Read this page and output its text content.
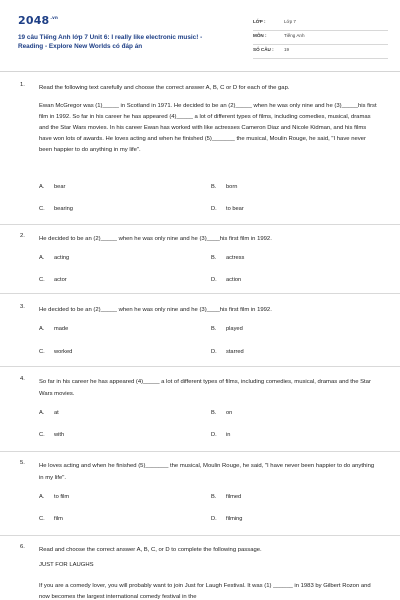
$2048^{.vn}$
19 câu Tiếng Anh lớp 7 Unit 6: I really like electronic music! - Reading - Explore New Worlds có đáp án
LỚP :	Lớp 7
MÔN :	Tiếng Anh
SỐ CÂU : 19
1. Read the following text carefully and choose the correct answer A, B, C or D for each of the gap.
Ewan McGregor was (1)_____ in Scotland in 1971. He decided to be an (2)_____ when he was only nine and he (3)_____his first film in 1992. So far in his career he has appeared (4)_____ a lot of different types of films, including comedies, musical, dramas and the Star Wars movies. In his career Ewan has worked with like actresses Cameron Diaz and Nicole Kidman, and his films have won lots of awards. He loves acting and when he finished (5)_______ the musical, Moulin Rouge, he said, "I have never been happier to do anything in my life".
A. bear	B. born
C. bearing	D. to bear
2. He decided to be an (2)_____ when he was only nine and he (3)____his first film in 1992.
A. acting	B. actress
C. actor	D. action
3. He decided to be an (2)_____ when he was only nine and he (3)____his first film in 1992.
A. made	B. played
C. worked	D. starred
4. So far in his career he has appeared (4)_____ a lot of different types of films, including comedies, musical, dramas and the Star Wars movies.
A. at	B. on
C. with	D. in
5. He loves acting and when he finished (5)_______ the musical, Moulin Rouge, he said, "I have never been happier to do anything in my life".
A. to film	B. filmed
C. film	D. filming
6. Read and choose the correct answer A, B, C, or D to complete the following passage.
JUST FOR LAUGHS
If you are a comedy lover, you will probably want to join Just for Laugh Festival. It was (1) ______ in 1983 by Gilbert Rozon and now becomes the largest international comedy festival in the
